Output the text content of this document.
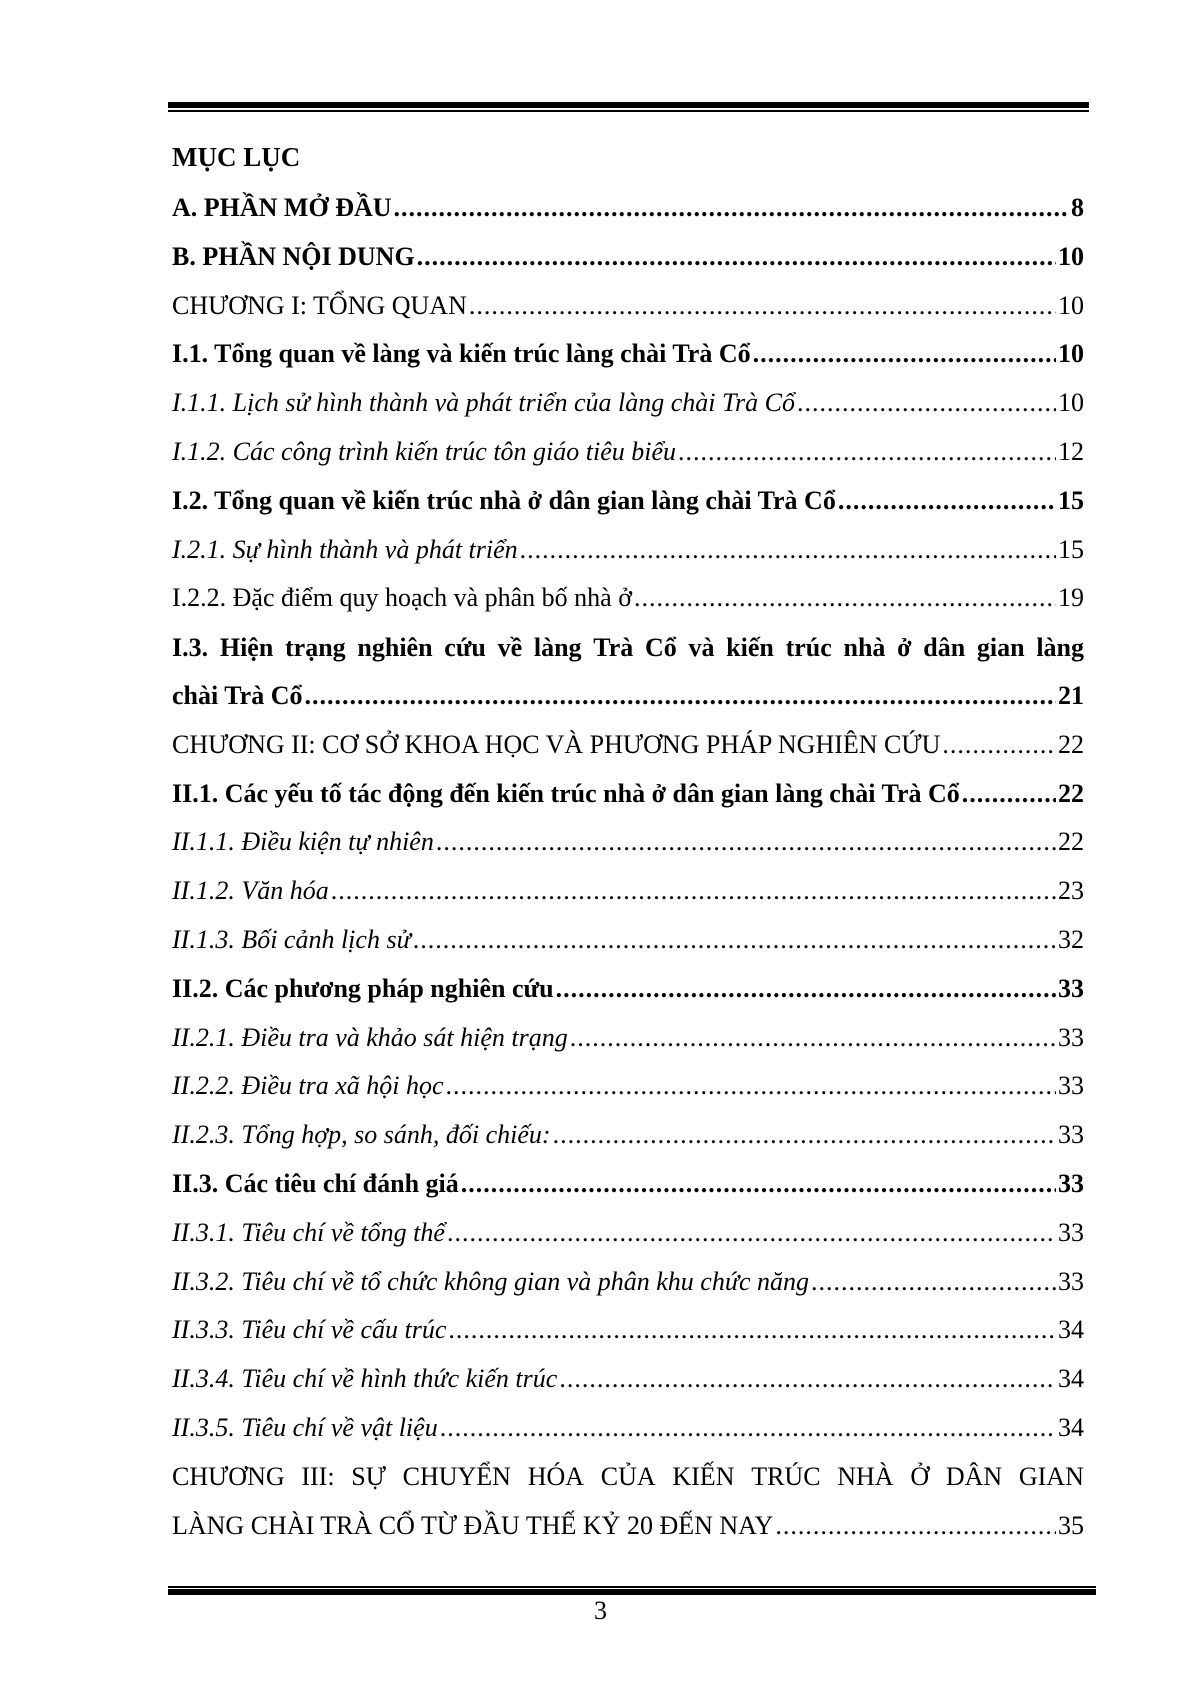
MỤC LỤC
A. PHẦN MỞ ĐẦU .....	8
B. PHẦN NỘI DUNG .....	10
CHƯƠNG I: TỔNG QUAN .....	10
I.1. Tổng quan về làng và kiến trúc làng chài Trà Cổ .....	10
I.1.1. Lịch sử hình thành và phát triển của làng chài Trà Cổ .....	10
I.1.2. Các công trình kiến trúc tôn giáo tiêu biểu .....	12
I.2. Tổng quan về kiến trúc nhà ở dân gian làng chài Trà Cổ .....	15
I.2.1. Sự hình thành và phát triển .....	15
I.2.2. Đặc điểm quy hoạch và phân bố nhà ở .....	19
I.3. Hiện trạng nghiên cứu về làng Trà Cổ và kiến trúc nhà ở dân gian làng
chài Trà Cổ .....	21
CHƯƠNG II: CƠ SỞ KHOA HỌC VÀ PHƯƠNG PHÁP NGHIÊN CỨU .....	22
II.1. Các yếu tố tác động đến kiến trúc nhà ở dân gian làng chài Trà Cổ .....	22
II.1.1. Điều kiện tự nhiên .....	22
II.1.2. Văn hóa .....	23
II.1.3. Bối cảnh lịch sử .....	32
II.2. Các phương pháp nghiên cứu .....	33
II.2.1. Điều tra và khảo sát hiện trạng .....	33
II.2.2. Điều tra xã hội học .....	33
II.2.3. Tổng hợp, so sánh, đối chiếu: .....	33
II.3. Các tiêu chí đánh giá .....	33
II.3.1. Tiêu chí về tổng thể .....	33
II.3.2. Tiêu chí về tổ chức không gian và phân khu chức năng .....	33
II.3.3. Tiêu chí về cấu trúc .....	34
II.3.4. Tiêu chí về hình thức kiến trúc .....	34
II.3.5. Tiêu chí về vật liệu .....	34
CHƯƠNG III: SỰ CHUYỂN HÓA CỦA KIẾN TRÚC NHÀ Ở DÂN GIAN
LÀNG CHÀI TRÀ CỔ TỪ ĐẦU THẾ KỶ 20 ĐẾN NAY .....	35
3
